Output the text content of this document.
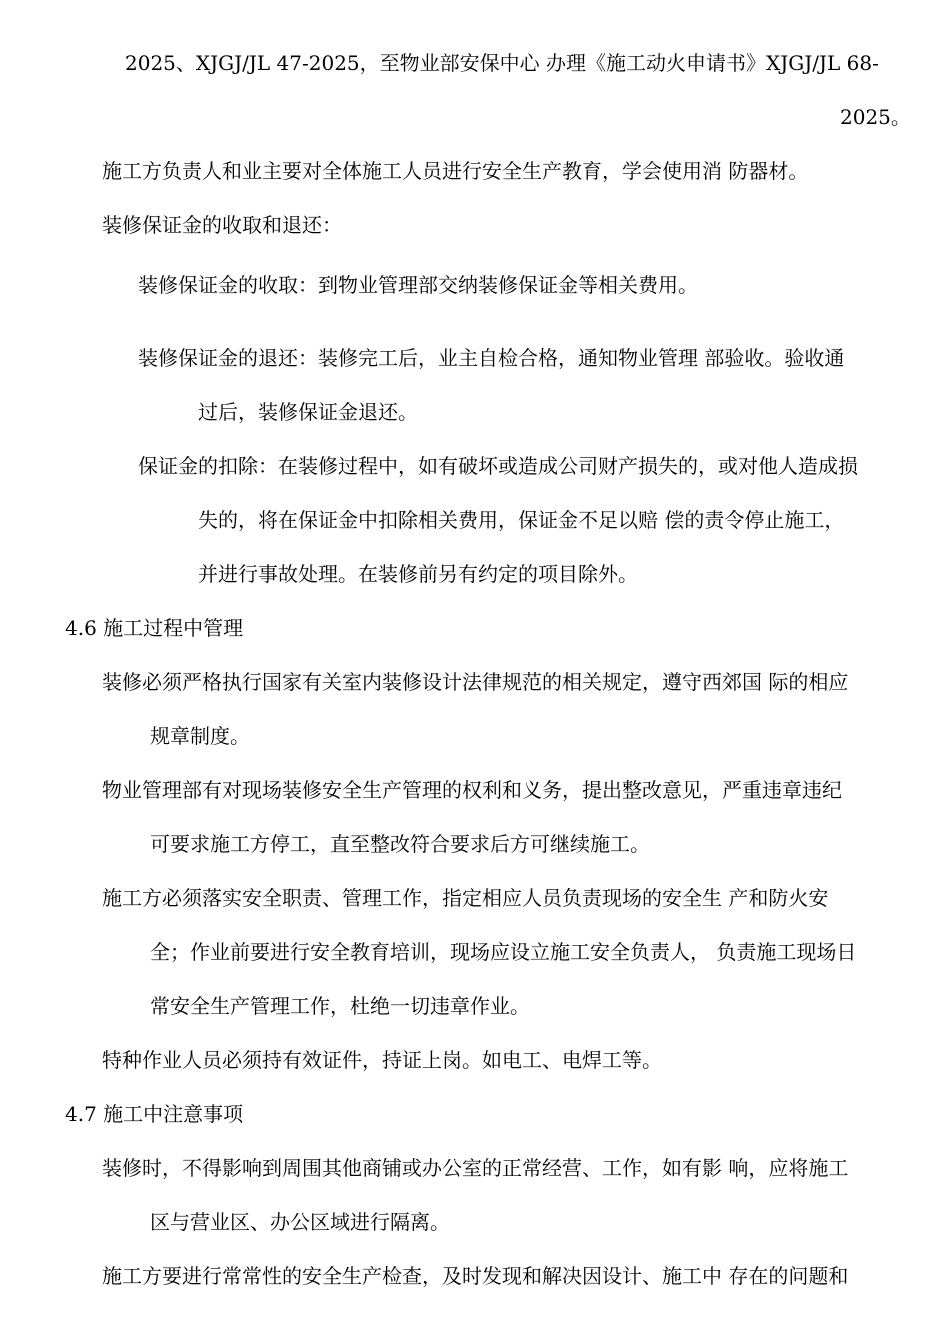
2025、XJGJ/JL 47-2025，至物业部安保中心 办理《施工动火申请书》XJGJ/JL 68-
2025。
施工方负责人和业主要对全体施工人员进行安全生产教育，学会使用消 防器材。
装修保证金的收取和退还：
装修保证金的收取：到物业管理部交纳装修保证金等相关费用。
装修保证金的退还：装修完工后，业主自检合格，通知物业管理 部验收。验收通
过后，装修保证金退还。
保证金的扣除：在装修过程中，如有破坏或造成公司财产损失的，或对他人造成损
失的，将在保证金中扣除相关费用，保证金不足以赔 偿的责令停止施工，
并进行事故处理。在装修前另有约定的项目除外。
4.6 施工过程中管理
装修必须严格执行国家有关室内装修设计法律规范的相关规定，遵守西郊国 际的相应
规章制度。
物业管理部有对现场装修安全生产管理的权利和义务，提出整改意见，严重违章违纪
可要求施工方停工，直至整改符合要求后方可继续施工。
施工方必须落实安全职责、管理工作，指定相应人员负责现场的安全生 产和防火安
全；作业前要进行安全教育培训，现场应设立施工安全负责人， 负责施工现场日
常安全生产管理工作，杜绝一切违章作业。
特种作业人员必须持有效证件，持证上岗。如电工、电焊工等。
4.7 施工中注意事项
装修时，不得影响到周围其他商铺或办公室的正常经营、工作，如有影 响，应将施工
区与营业区、办公区域进行隔离。
施工方要进行常常性的安全生产检查，及时发现和解决因设计、施工中 存在的问题和
